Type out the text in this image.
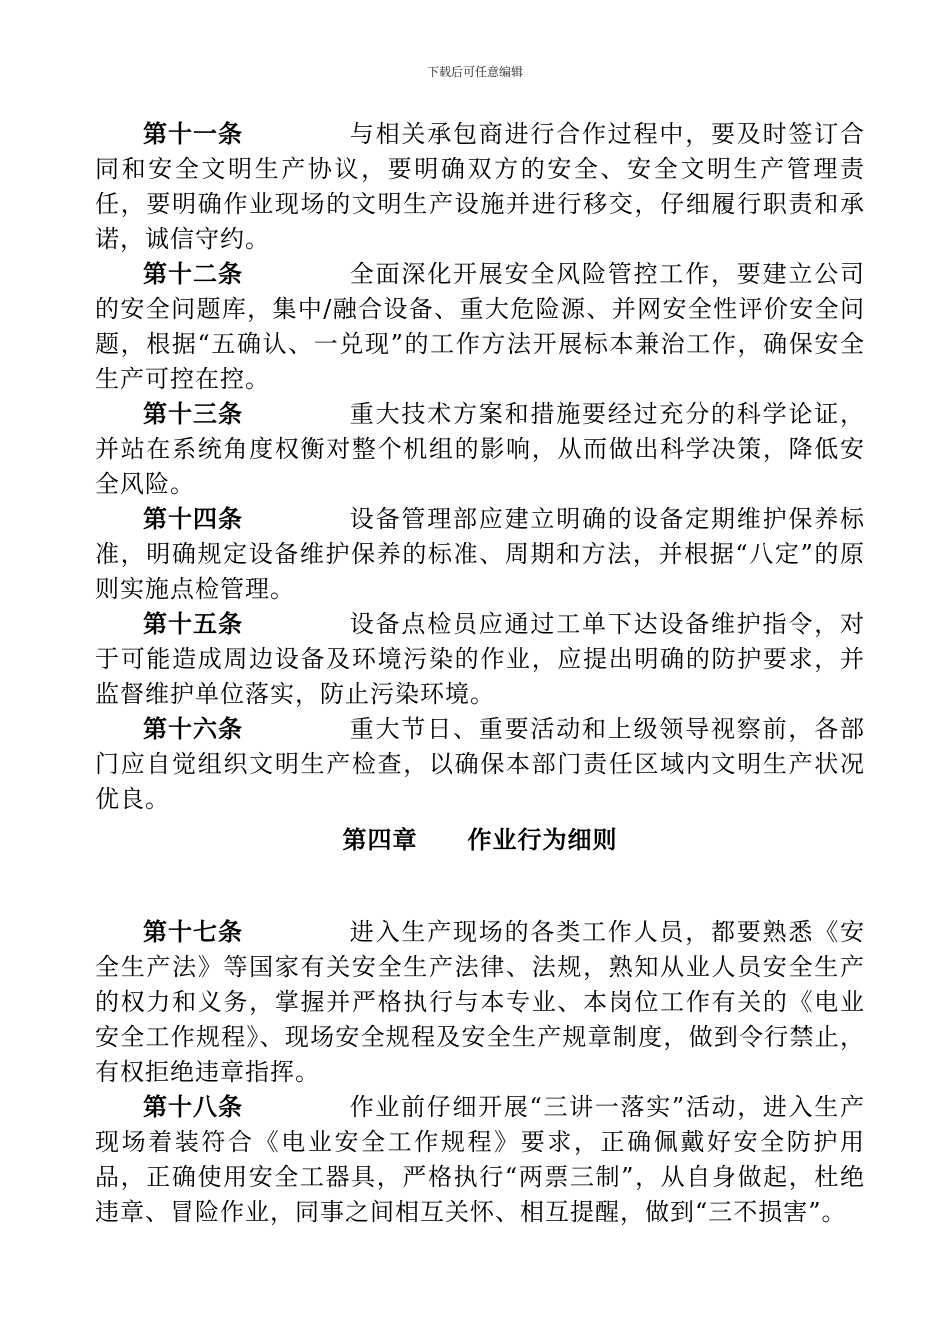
下载后可任意编辑

第十一条	与相关承包商进行合作过程中，要及时签订合同和安全文明生产协议，要明确双方的安全、安全文明生产管理责任，要明确作业现场的文明生产设施并进行移交，仔细履行职责和承诺，诚信守约。

第十二条	全面深化开展安全风险管控工作，要建立公司的安全问题库，集中/融合设备、重大危险源、并网安全性评价安全问题，根据“五确认、一兑现”的工作方法开展标本兼治工作，确保安全生产可控在控。

第十三条	重大技术方案和措施要经过充分的科学论证，并站在系统角度权衡对整个机组的影响，从而做出科学决策，降低安全风险。

第十四条	设备管理部应建立明确的设备定期维护保养标准，明确规定设备维护保养的标准、周期和方法，并根据“八定”的原则实施点检管理。

第十五条	设备点检员应通过工单下达设备维护指令，对于可能造成周边设备及环境污染的作业，应提出明确的防护要求，并监督维护单位落实，防止污染环境。

第十六条	重大节日、重要活动和上级领导视察前，各部门应自觉组织文明生产检查，以确保本部门责任区域内文明生产状况优良。

第四章 作业行为细则

第十七条	进入生产现场的各类工作人员，都要熟悉《安全生产法》等国家有关安全生产法律、法规，熟知从业人员安全生产的权力和义务，掌握并严格执行与本专业、本岗位工作有关的《电业安全工作规程》、现场安全规程及安全生产规章制度，做到令行禁止，有权拒绝违章指挥。

第十八条	作业前仔细开展“三讲一落实”活动，进入生产现场着装符合《电业安全工作规程》要求，正确佩戴好安全防护用品，正确使用安全工器具，严格执行“两票三制”，从自身做起，杜绝违章、冒险作业，同事之间相互关怀、相互提醒，做到“三不损害”。
